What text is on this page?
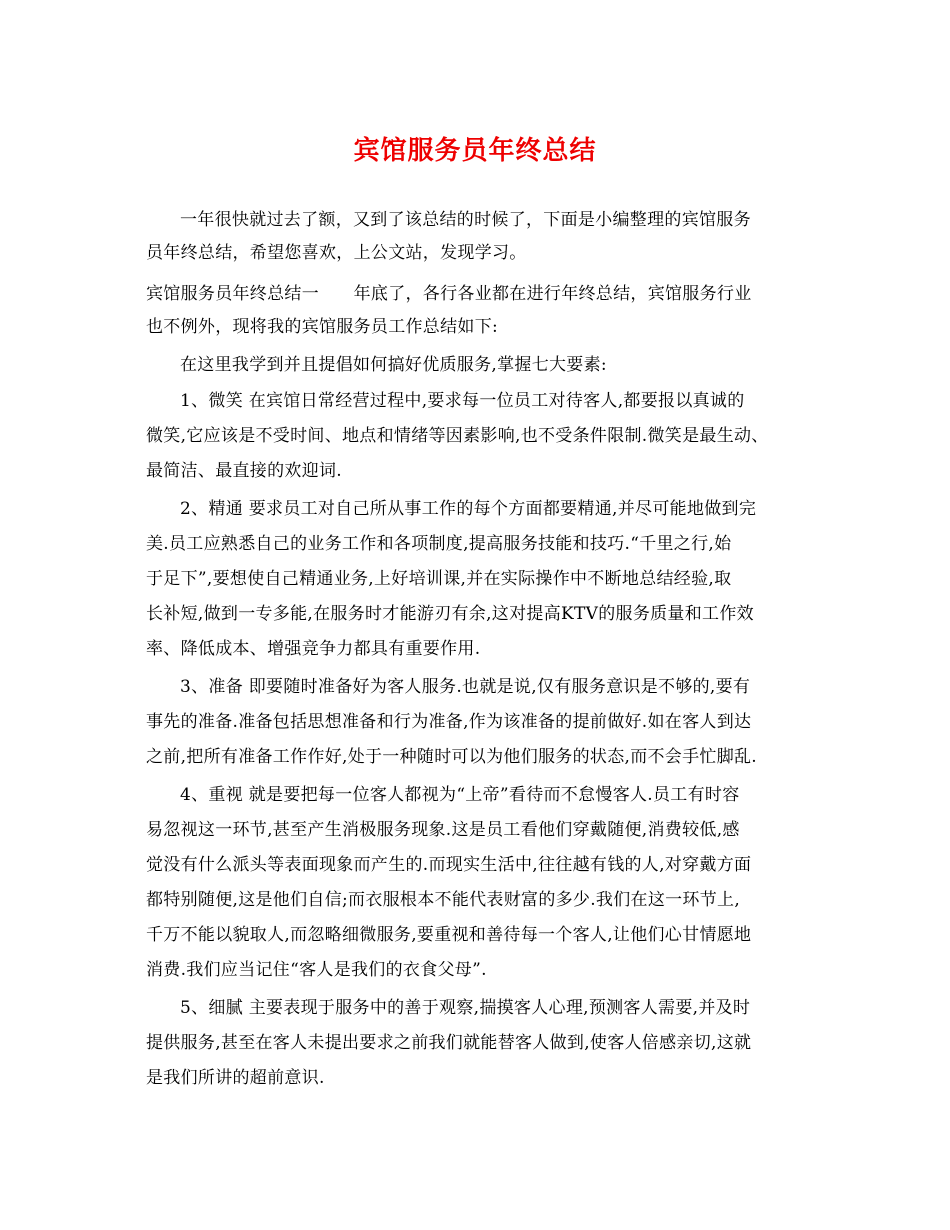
宾馆服务员年终总结
一年很快就过去了额，又到了该总结的时候了，下面是小编整理的宾馆服务
员年终总结，希望您喜欢，上公文站，发现学习。
宾馆服务员年终总结一　　年底了，各行各业都在进行年终总结，宾馆服务行业
也不例外，现将我的宾馆服务员工作总结如下:
在这里我学到并且提倡如何搞好优质服务,掌握七大要素:
1、微笑 在宾馆日常经营过程中,要求每一位员工对待客人,都要报以真诚的
微笑,它应该是不受时间、地点和情绪等因素影响,也不受条件限制.微笑是最生动、
最简洁、最直接的欢迎词.
2、精通 要求员工对自己所从事工作的每个方面都要精通,并尽可能地做到完
美.员工应熟悉自己的业务工作和各项制度,提高服务技能和技巧.“千里之行,始
于足下”,要想使自己精通业务,上好培训课,并在实际操作中不断地总结经验,取
长补短,做到一专多能,在服务时才能游刃有余,这对提高KTV的服务质量和工作效
率、降低成本、增强竞争力都具有重要作用.
3、准备 即要随时准备好为客人服务.也就是说,仅有服务意识是不够的,要有
事先的准备.准备包括思想准备和行为准备,作为该准备的提前做好.如在客人到达
之前,把所有准备工作作好,处于一种随时可以为他们服务的状态,而不会手忙脚乱.
4、重视 就是要把每一位客人都视为“上帝”看待而不怠慢客人.员工有时容
易忽视这一环节,甚至产生消极服务现象.这是员工看他们穿戴随便,消费较低,感
觉没有什么派头等表面现象而产生的.而现实生活中,往往越有钱的人,对穿戴方面
都特别随便,这是他们自信;而衣服根本不能代表财富的多少.我们在这一环节上,
千万不能以貌取人,而忽略细微服务,要重视和善待每一个客人,让他们心甘情愿地
消费.我们应当记住“客人是我们的衣食父母”.
5、细腻 主要表现于服务中的善于观察,揣摸客人心理,预测客人需要,并及时
提供服务,甚至在客人未提出要求之前我们就能替客人做到,使客人倍感亲切,这就
是我们所讲的超前意识.
